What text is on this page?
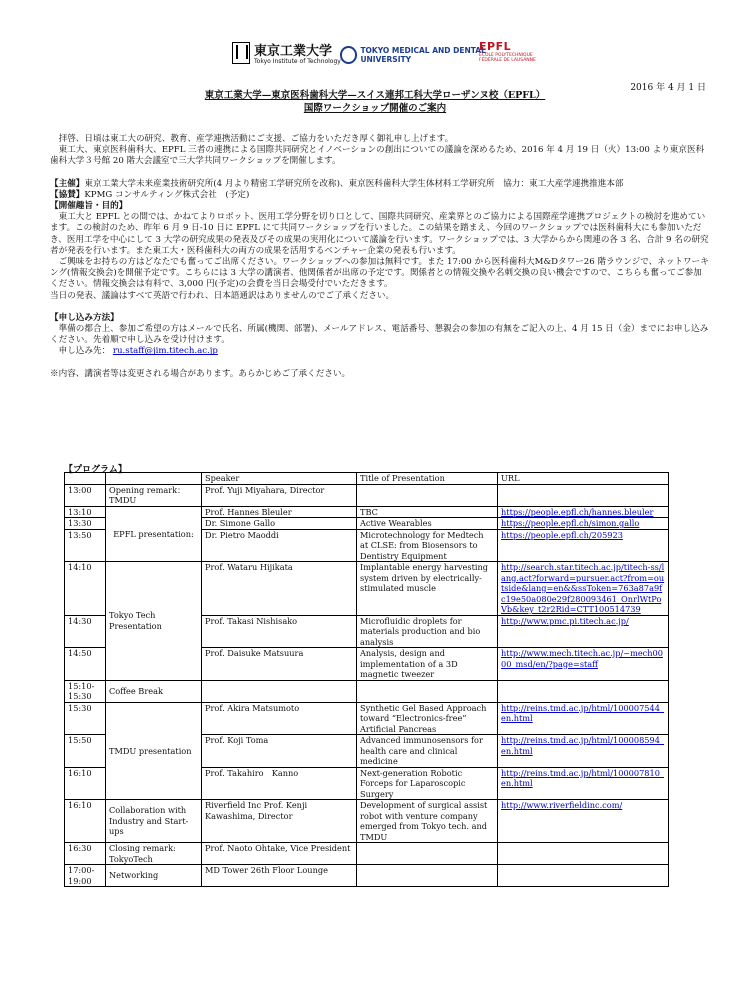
東京工業大学
Tokyo Institute of Technology
TOKYO MEDICAL AND DENTAL UNIVERSITY
EPFL
ÉCOLE POLYTECHNIQUE FÉDÉRALE DE LAUSANNE
2016 年 4 月 1 日
東京工業大学—東京医科歯科大学—スイス連邦工科大学ローザンヌ校（EPFL）
国際ワークショップ開催のご案内

拝啓、日頃は東工大の研究、教育、産学連携活動にご支援、ご協力をいただき厚く御礼申し上げます。

東工大、東京医科歯科大、EPFL 三者の連携による国際共同研究とイノベーションの創出についての議論を深めるため、2016 年 4 月 19 日（火）13:00 より東京医科歯科大学３号館 20 階大会議室で三大学共同ワークショップを開催します。

【主催】東京工業大学未来産業技術研究所(4 月より精密工学研究所を改称)、東京医科歯科大学生体材料工学研究所　協力：東工大産学連携推進本部

【協賛】KPMG コンサルティング株式会社　(予定)

【開催趣旨・目的】

東工大と EPFL との間では、かねてよりロボット、医用工学分野を切り口として、国際共同研究、産業界とのご協力による国際産学連携プロジェクトの検討を進めています。この検討のため、昨年 6 月 9 日-10 日に EPFL にて共同ワークショップを行いました。この結果を踏まえ、今回のワークショップでは医科歯科大にも参加いただき、医用工学を中心にして 3 大学の研究成果の発表及びその成果の実用化について議論を行います。ワークショップでは、3 大学からから関連の各 3 名、合計 9 名の研究者が発表を行います。また東工大・医科歯科大の両方の成果を活用するベンチャー企業の発表も行います。

ご興味をお持ちの方はどなたでも奮ってご出席ください。ワークショップへの参加は無料です。また 17:00 から医科歯科大M&Dタワー26 階ラウンジで、ネットワーキング(情報交換会)を開催予定です。こちらには 3 大学の講演者、他関係者が出席の予定です。関係者との情報交換や名刺交換の良い機会ですので、こちらも奮ってご参加ください。情報交換会は有料で、3,000 円(予定)の会費を当日会場受付でいただきます。

当日の発表、議論はすべて英語で行われ、日本語通訳はありませんのでご了承ください。

【申し込み方法】

準備の都合上、参加ご希望の方はメールで氏名、所属(機関、部署)、メールアドレス、電話番号、懇親会の参加の有無をご記入の上、4 月 15 日（金）までにお申し込みください。先着順で申し込みを受け付けます。

申し込み先： ru.staff@jim.titech.ac.jp

※内容、講演者等は変更される場合があります。あらかじめご了承ください。

【プログラム】
		Speaker	Title of Presentation	URL
13:00	Opening remark：TMDU	Prof. Yuji Miyahara, Director		
13:10	EPFL presentation:	Prof. Hannes Bleuler	TBC	https://people.epfl.ch/hannes.bleuler
13:30		Dr. Simone Gallo	Active Wearables	https://people.epfl.ch/simon.gallo
13:50		Dr. Pietro Maoddi	Microtechnology for Medtech at CLSE: from Biosensors to Dentistry Equipment	https://people.epfl.ch/205923
14:10	Tokyo Tech Presentation	Prof. Wataru Hijikata	Implantable energy harvesting system driven by electrically-stimulated muscle	http://search.star.titech.ac.jp/titech-ss/lang.act?forward=pursuer.act?from=outside&lang=en&&ssToken=763a87a9fc19e50a080e29f280093461_OnrlWtPoVb&key_t2r2Rid=CTT100514739
14:30		Prof. Takasi Nishisako	Microfluidic droplets for materials production and bio analysis	http://www.pmc.pi.titech.ac.jp/
14:50		Prof. Daisuke Matsuura	Analysis, design and implementation of a 3D magnetic tweezer	http://www.mech.titech.ac.jp/~mech0000_msd/en/?page=staff
15:10-15:30	Coffee Break			
15:30	TMDU presentation	Prof. Akira Matsumoto	Synthetic Gel Based Approach toward “Electronics-free” Artificial Pancreas	http://reins.tmd.ac.jp/html/100007544_en.html
15:50		Prof. Koji Toma	Advanced immunosensors for health care and clinical medicine	http://reins.tmd.ac.jp/html/100008594_en.html
16:10		Prof. Takahiro　Kanno	Next-generation Robotic Forceps for Laparoscopic Surgery	http://reins.tmd.ac.jp/html/100007810_en.html
16:10	Collaboration with Industry and Start-ups	Riverfield Inc Prof. Kenji Kawashima, Director	Development of surgical assist robot with venture company emerged from Tokyo tech. and TMDU	http://www.riverfieldinc.com/
16:30	Closing remark: TokyoTech	Prof. Naoto Ohtake, Vice President		
17:00-19:00	Networking	MD Tower 26th Floor Lounge		
